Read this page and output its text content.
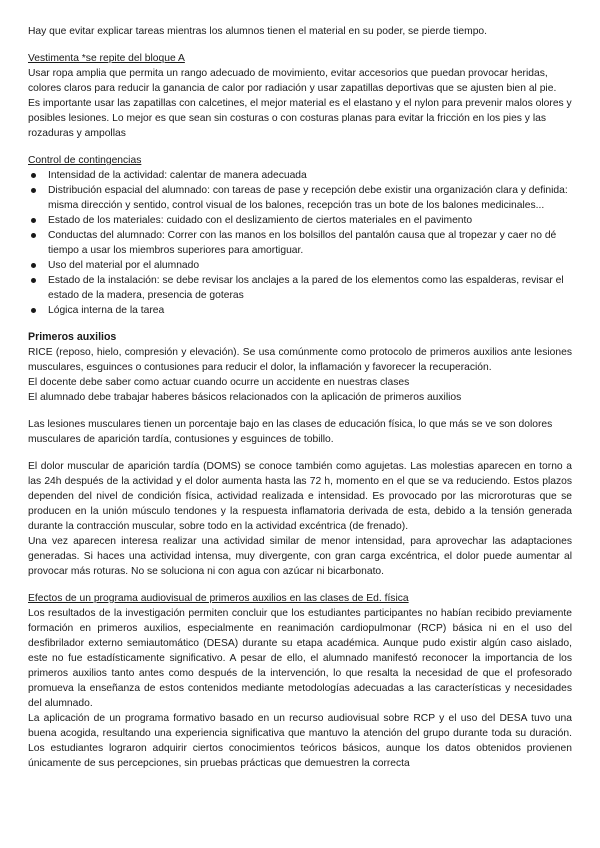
Hay que evitar explicar tareas mientras los alumnos tienen el material en su poder, se pierde tiempo.

Vestimenta *se repite del bloque A

Usar ropa amplia que permita un rango adecuado de movimiento, evitar accesorios que puedan provocar heridas, colores claros para reducir la ganancia de calor por radiación y usar zapatillas deportivas que se ajusten bien al pie.

Es importante usar las zapatillas con calcetines, el mejor material es el elastano y el nylon para prevenir malos olores y posibles lesiones. Lo mejor es que sean sin costuras o con costuras planas para evitar la fricción en los pies y las rozaduras y ampollas

Control de contingencias

Intensidad de la actividad: calentar de manera adecuada
Distribución espacial del alumnado: con tareas de pase y recepción debe existir una organización clara y definida: misma dirección y sentido, control visual de los balones, recepción tras un bote de los balones medicinales...
Estado de los materiales: cuidado con el deslizamiento de ciertos materiales en el pavimento
Conductas del alumnado: Correr con las manos en los bolsillos del pantalón causa que al tropezar y caer no dé tiempo a usar los miembros superiores para amortiguar.
Uso del material por el alumnado
Estado de la instalación: se debe revisar los anclajes a la pared de los elementos como las espalderas, revisar el estado de la madera, presencia de goteras
Lógica interna de la tarea

Primeros auxilios

RICE (reposo, hielo, compresión y elevación). Se usa comúnmente como protocolo de primeros auxilios ante lesiones musculares, esguinces o contusiones para reducir el dolor, la inflamación y favorecer la recuperación.

El docente debe saber como actuar cuando ocurre un accidente en nuestras clases

El alumnado debe trabajar haberes básicos relacionados con la aplicación de primeros auxilios

Las lesiones musculares tienen un porcentaje bajo en las clases de educación física, lo que más se ve son dolores musculares de aparición tardía, contusiones y esguinces de tobillo.

El dolor muscular de aparición tardía (DOMS) se conoce también como agujetas. Las molestias aparecen en torno a las 24h después de la actividad y el dolor aumenta hasta las 72 h, momento en el que se va reduciendo. Estos plazos dependen del nivel de condición física, actividad realizada e intensidad. Es provocado por las microroturas que se producen en la unión músculo tendones y la respuesta inflamatoria derivada de esta, debido a la tensión generada durante la contracción muscular, sobre todo en la actividad excéntrica (de frenado).

Una vez aparecen interesa realizar una actividad similar de menor intensidad, para aprovechar las adaptaciones generadas. Si haces una actividad intensa, muy divergente, con gran carga excéntrica, el dolor puede aumentar al provocar más roturas. No se soluciona ni con agua con azúcar ni bicarbonato.

Efectos de un programa audiovisual de primeros auxilios en las clases de Ed. física

Los resultados de la investigación permiten concluir que los estudiantes participantes no habían recibido previamente formación en primeros auxilios, especialmente en reanimación cardiopulmonar (RCP) básica ni en el uso del desfibrilador externo semiautomático (DESA) durante su etapa académica. Aunque pudo existir algún caso aislado, este no fue estadísticamente significativo. A pesar de ello, el alumnado manifestó reconocer la importancia de los primeros auxilios tanto antes como después de la intervención, lo que resalta la necesidad de que el profesorado promueva la enseñanza de estos contenidos mediante metodologías adecuadas a las características y necesidades del alumnado.

La aplicación de un programa formativo basado en un recurso audiovisual sobre RCP y el uso del DESA tuvo una buena acogida, resultando una experiencia significativa que mantuvo la atención del grupo durante toda su duración. Los estudiantes lograron adquirir ciertos conocimientos teóricos básicos, aunque los datos obtenidos provienen únicamente de sus percepciones, sin pruebas prácticas que demuestren la correcta
